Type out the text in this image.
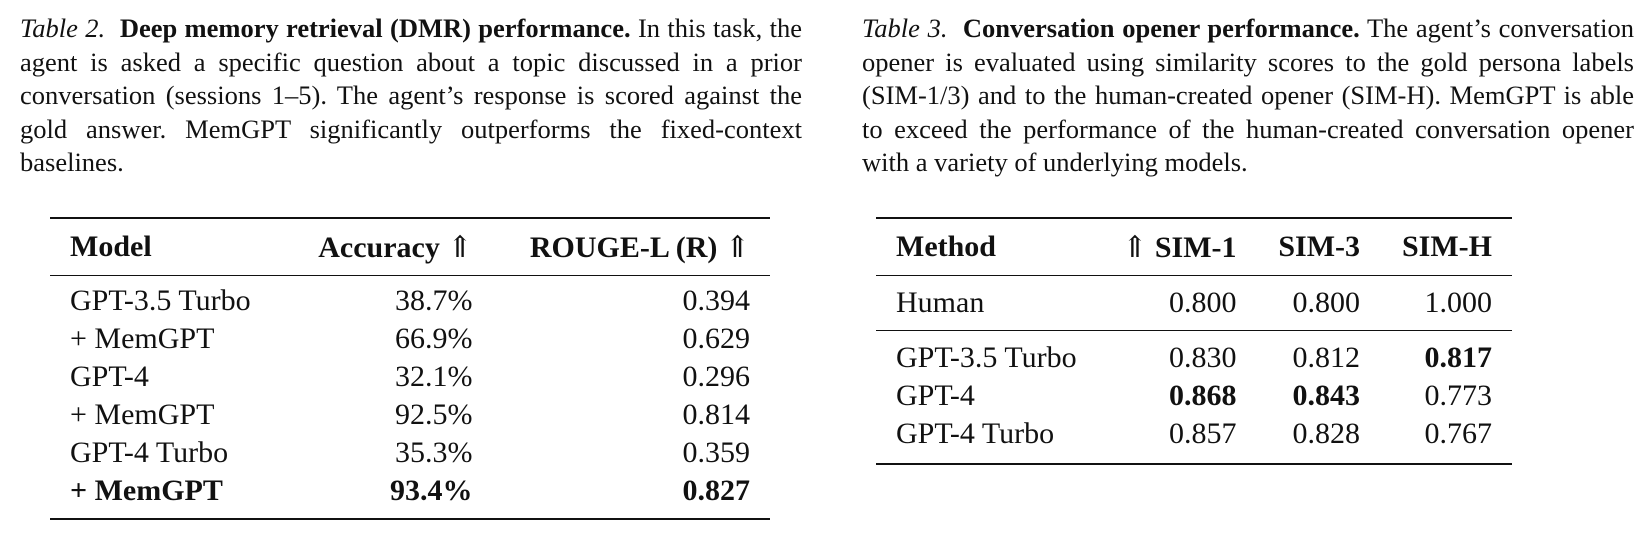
Table 2. Deep memory retrieval (DMR) performance. In this task, the agent is asked a specific question about a topic discussed in a prior conversation (sessions 1–5). The agent’s response is scored against the gold answer. MemGPT significantly outperforms the fixed-context baselines.

Model	Accuracy ⇑	ROUGE-L (R) ⇑
GPT-3.5 Turbo	38.7%	0.394
+ MemGPT	66.9%	0.629
GPT-4	32.1%	0.296
+ MemGPT	92.5%	0.814
GPT-4 Turbo	35.3%	0.359
+ MemGPT	93.4%	0.827

Table 3. Conversation opener performance. The agent’s conversation opener is evaluated using similarity scores to the gold persona labels (SIM-1/3) and to the human-created opener (SIM-H). MemGPT is able to exceed the performance of the human-created conversation opener with a variety of underlying models.

Method	⇑ SIM-1	SIM-3	SIM-H
Human	0.800	0.800	1.000
GPT-3.5 Turbo	0.830	0.812	0.817
GPT-4	0.868	0.843	0.773
GPT-4 Turbo	0.857	0.828	0.767
